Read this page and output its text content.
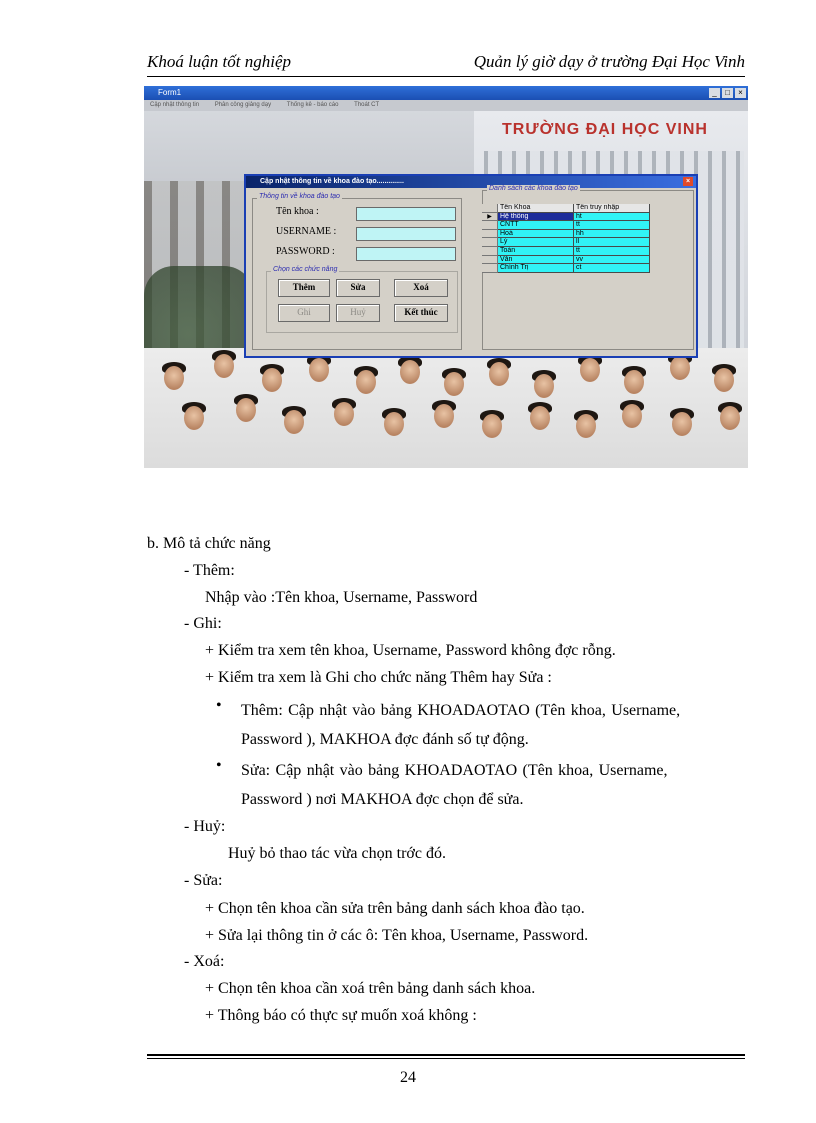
Khoá luận tốt nghiệp	Quản lý giờ dạy ở trường Đại Học Vinh
TRƯỜNG ĐẠI HỌC VINH
Form1	_	□	×
Cập nhật thông tin	Phân công giảng dạy	Thống kê - báo cáo	Thoát CT
Cập nhật thông tin về khoa đào tạo..............	×
Thông tin về khoa đào tạo
Tên khoa :
USERNAME :
PASSWORD :
Chọn các chức năng
Thêm	Sửa	Xoá
Ghi	Huỷ	Kết thúc
Danh sách các khoa đào tạo
Tên Khoa	Tên truy nhập
▶	Hệ thống	ht
CNTT	tt
Hoá	hh
Lý	ll
Toán	tt
Văn	vv
Chính Trị	ct
b. Mô tả chức năng
- Thêm:
Nhập vào :Tên khoa, Username, Password
- Ghi:
+ Kiểm tra xem tên khoa, Username, Password không đợc rỗng.
+ Kiểm tra xem là Ghi cho chức năng Thêm hay Sửa :
• Thêm: Cập nhật vào bảng KHOADAOTAO (Tên khoa, Username,
Password ), MAKHOA đợc đánh số tự động.
• Sửa: Cập nhật vào bảng KHOADAOTAO (Tên khoa, Username,
Password ) nơi MAKHOA đợc chọn để sửa.
- Huỷ:
Huỷ bỏ thao tác vừa chọn trớc đó.
- Sửa:
+ Chọn tên khoa cần sửa trên bảng danh sách khoa đào tạo.
+ Sửa lại thông tin ở các ô: Tên khoa, Username, Password.
- Xoá:
+ Chọn tên khoa cần xoá trên bảng danh sách khoa.
+ Thông báo có thực sự muốn xoá không :
24
